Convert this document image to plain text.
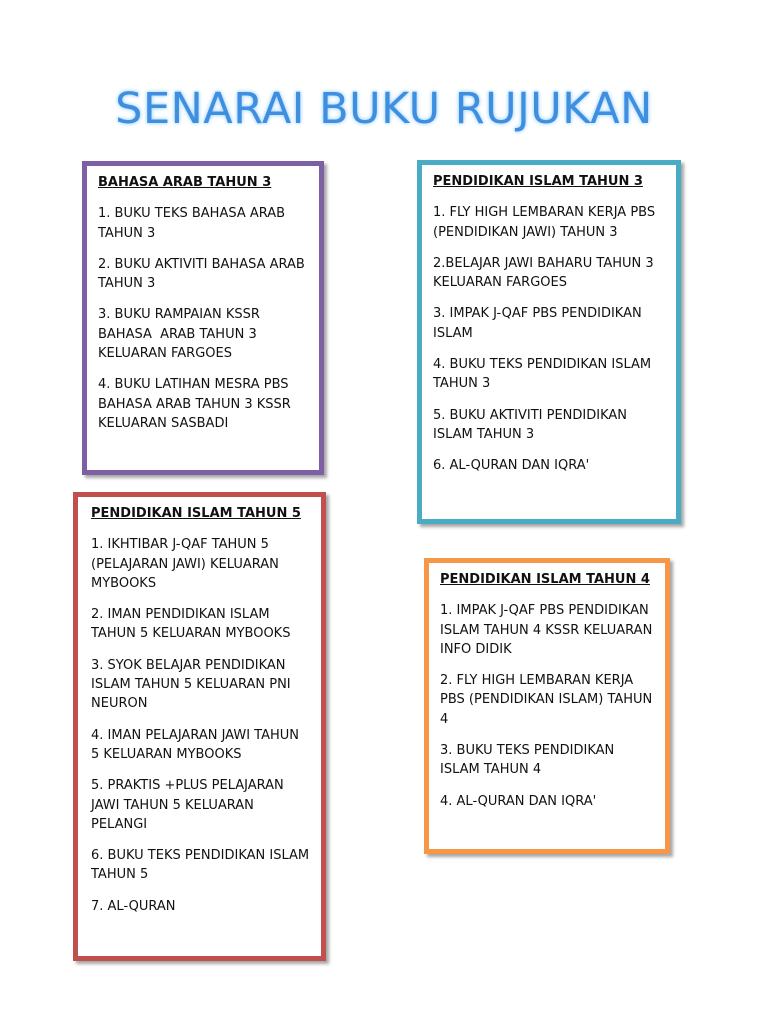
SENARAI BUKU RUJUKAN
BAHASA ARAB TAHUN 3
1. BUKU TEKS BAHASA ARAB TAHUN 3
2. BUKU AKTIVITI BAHASA ARAB TAHUN 3
3. BUKU RAMPAIAN KSSR BAHASA  ARAB TAHUN 3 KELUARAN FARGOES
4. BUKU LATIHAN MESRA PBS BAHASA ARAB TAHUN 3 KSSR KELUARAN SASBADI
PENDIDIKAN ISLAM TAHUN 3
1. FLY HIGH LEMBARAN KERJA PBS (PENDIDIKAN JAWI) TAHUN 3
2.BELAJAR JAWI BAHARU TAHUN 3 KELUARAN FARGOES
3. IMPAK J-QAF PBS PENDIDIKAN ISLAM
4. BUKU TEKS PENDIDIKAN ISLAM TAHUN 3
5. BUKU AKTIVITI PENDIDIKAN ISLAM TAHUN 3
6. AL-QURAN DAN IQRA'
PENDIDIKAN ISLAM TAHUN 5
1. IKHTIBAR J-QAF TAHUN 5 (PELAJARAN JAWI) KELUARAN MYBOOKS
2. IMAN PENDIDIKAN ISLAM TAHUN 5 KELUARAN MYBOOKS
3. SYOK BELAJAR PENDIDIKAN ISLAM TAHUN 5 KELUARAN PNI NEURON
4. IMAN PELAJARAN JAWI TAHUN 5 KELUARAN MYBOOKS
5. PRAKTIS +PLUS PELAJARAN JAWI TAHUN 5 KELUARAN PELANGI
6. BUKU TEKS PENDIDIKAN ISLAM TAHUN 5
7. AL-QURAN
PENDIDIKAN ISLAM TAHUN 4
1. IMPAK J-QAF PBS PENDIDIKAN ISLAM TAHUN 4 KSSR KELUARAN INFO DIDIK
2. FLY HIGH LEMBARAN KERJA PBS (PENDIDIKAN ISLAM) TAHUN 4
3. BUKU TEKS PENDIDIKAN ISLAM TAHUN 4
4. AL-QURAN DAN IQRA'
